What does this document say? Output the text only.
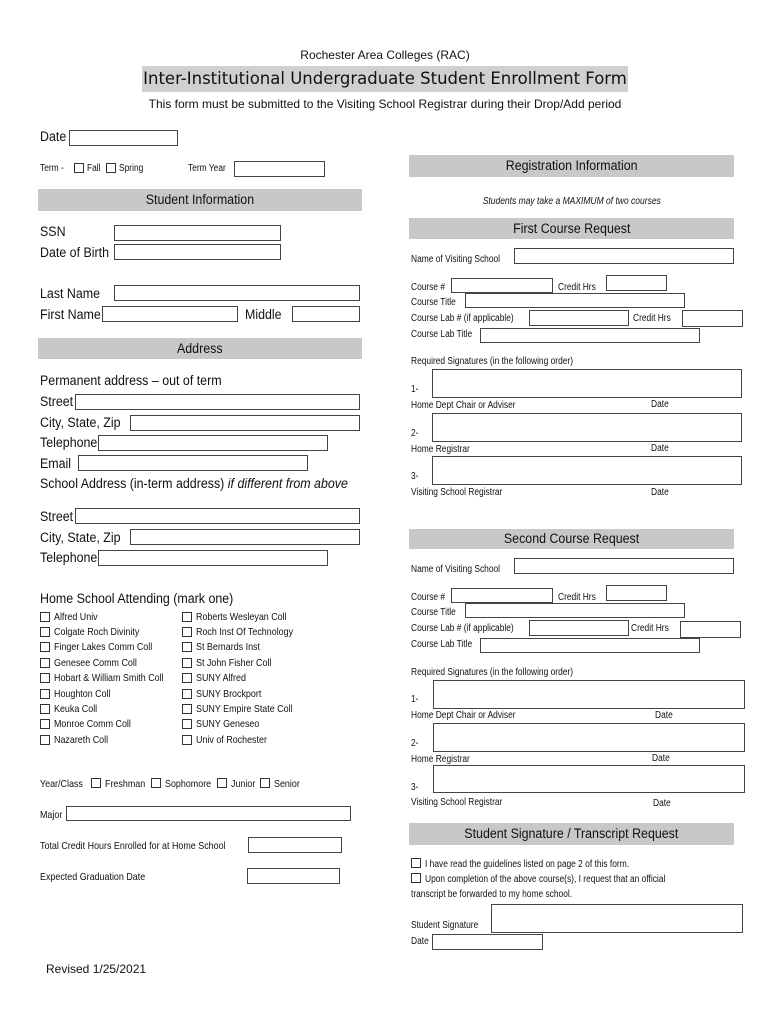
Rochester Area Colleges (RAC)
Inter-Institutional Undergraduate Student Enrollment Form
This form must be submitted to the Visiting School Registrar during their Drop/Add period
Date
Term - Fall Spring	Term Year
Student Information
SSN
Date of Birth
Last Name
First Name	Middle
Address
Permanent address – out of term
Street
City, State, Zip
Telephone
Email
School Address (in-term address) if different from above
Street
City, State, Zip
Telephone
Home School Attending (mark one)
Alfred Univ
Colgate Roch Divinity
Finger Lakes Comm Coll
Genesee Comm Coll
Hobart & William Smith Coll
Houghton Coll
Keuka Coll
Monroe Comm Coll
Nazareth Coll
Roberts Wesleyan Coll
Roch Inst Of Technology
St Bernards Inst
St John Fisher Coll
SUNY Alfred
SUNY Brockport
SUNY Empire State Coll
SUNY Geneseo
Univ of Rochester
Year/Class Freshman Sophomore Junior Senior
Major
Total Credit Hours Enrolled for at Home School
Expected Graduation Date
Revised 1/25/2021
Registration Information
Students may take a MAXIMUM of two courses
First Course Request
Name of Visiting School
Course #	Credit Hrs
Course Title
Course Lab # (if applicable)	Credit Hrs
Course Lab Title
Required Signatures (in the following order)
1-
Home Dept Chair or Adviser	Date
2-
Home Registrar	Date
3-
Visiting School Registrar	Date
Second Course Request
Name of Visiting School
Course #	Credit Hrs
Course Title
Course Lab # (if applicable)	Credit Hrs
Course Lab Title
Required Signatures (in the following order)
1-
Home Dept Chair or Adviser	Date
2-
Home Registrar	Date
3-
Visiting School Registrar	Date
Student Signature / Transcript Request
I have read the guidelines listed on page 2 of this form.
Upon completion of the above course(s), I request that an official
transcript be forwarded to my home school.
Student Signature
Date
